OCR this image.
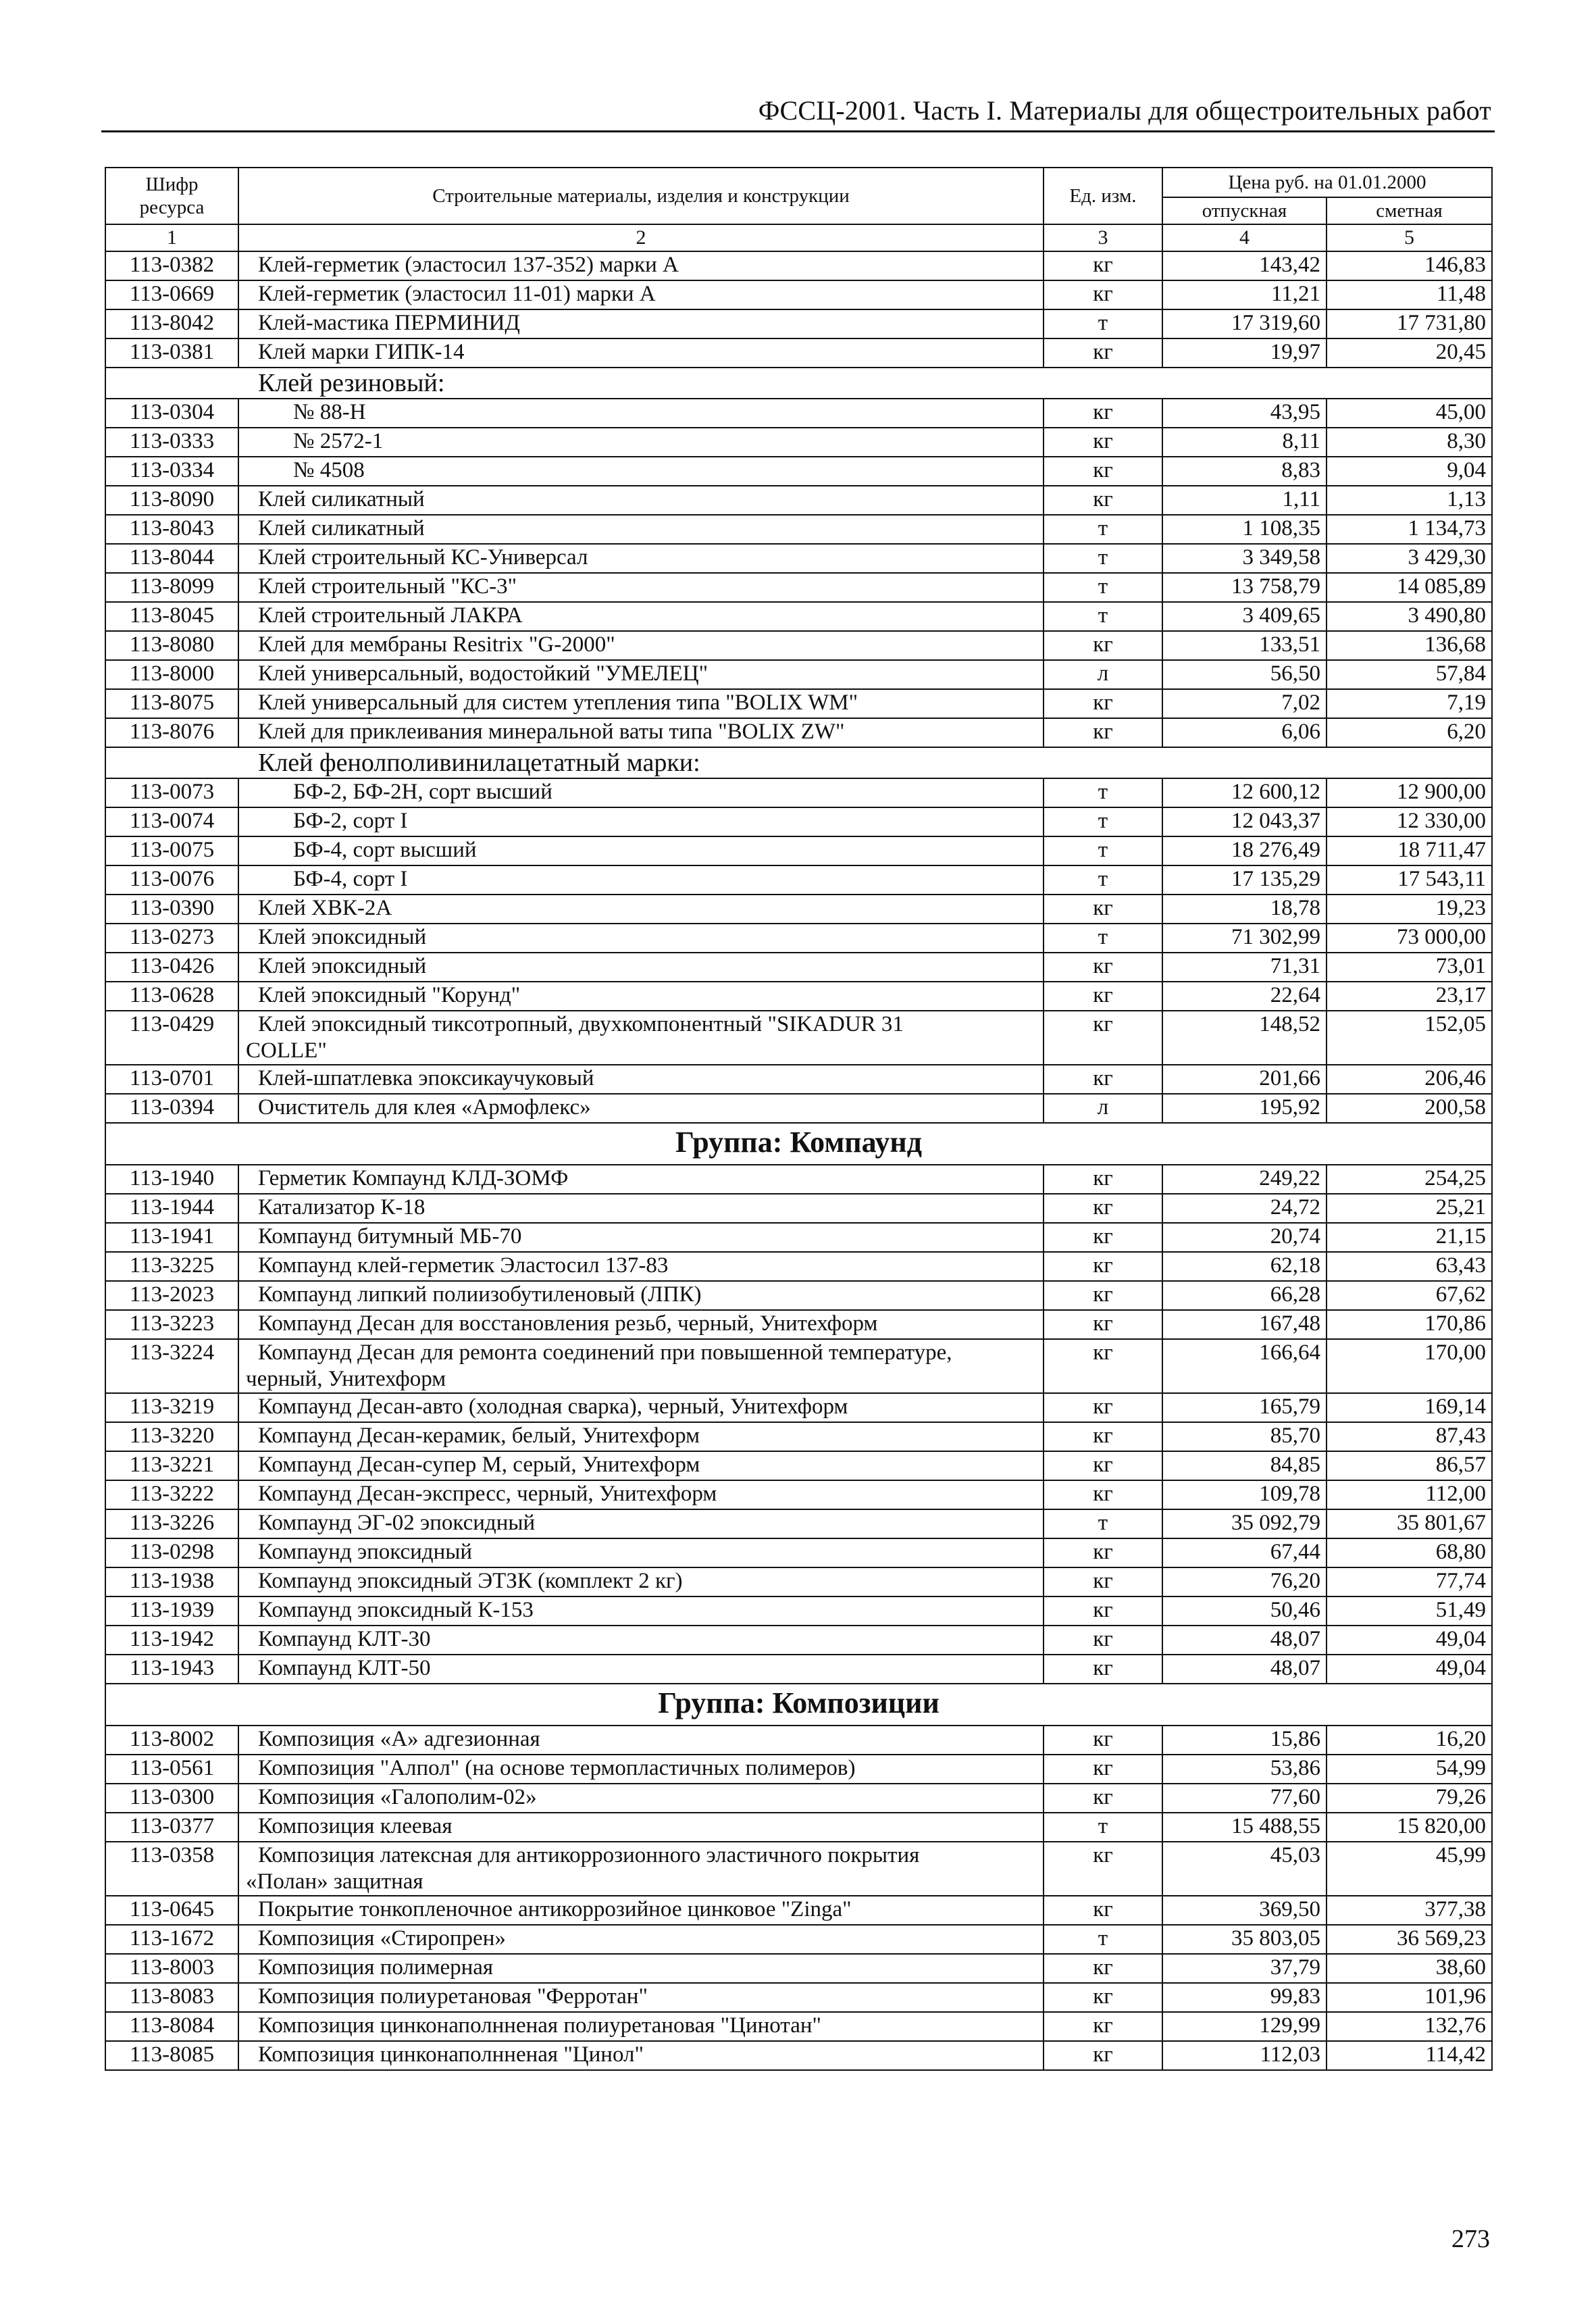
ФССЦ-2001. Часть I. Материалы для общестроительных работ
Шифр ресурса	Строительные материалы, изделия и конструкции	Ед. изм.	Цена руб. на 01.01.2000	
			отпускная	сметная
1	2	3	4	5
113-0382	Клей-герметик (эластосил 137-352) марки А	кг	143,42	146,83
113-0669	Клей-герметик (эластосил 11-01) марки А	кг	11,21	11,48
113-8042	Клей-мастика ПЕРМИНИД	т	17 319,60	17 731,80
113-0381	Клей марки ГИПК-14	кг	19,97	20,45
Клей резиновый:				
113-0304	№ 88-Н	кг	43,95	45,00
113-0333	№ 2572-1	кг	8,11	8,30
113-0334	№ 4508	кг	8,83	9,04
113-8090	Клей силикатный	кг	1,11	1,13
113-8043	Клей силикатный	т	1 108,35	1 134,73
113-8044	Клей строительный КС-Универсал	т	3 349,58	3 429,30
113-8099	Клей строительный "КС-3"	т	13 758,79	14 085,89
113-8045	Клей строительный ЛАКРА	т	3 409,65	3 490,80
113-8080	Клей для мембраны Resitrix "G-2000"	кг	133,51	136,68
113-8000	Клей универсальный, водостойкий "УМЕЛЕЦ"	л	56,50	57,84
113-8075	Клей универсальный для систем утепления типа "BOLIX WM"	кг	7,02	7,19
113-8076	Клей для приклеивания минеральной ваты типа "BOLIX ZW"	кг	6,06	6,20
Клей фенолполивинилацетатный марки:				
113-0073	БФ-2, БФ-2Н, сорт высший	т	12 600,12	12 900,00
113-0074	БФ-2, сорт I	т	12 043,37	12 330,00
113-0075	БФ-4, сорт высший	т	18 276,49	18 711,47
113-0076	БФ-4, сорт I	т	17 135,29	17 543,11
113-0390	Клей ХВК-2А	кг	18,78	19,23
113-0273	Клей эпоксидный	т	71 302,99	73 000,00
113-0426	Клей эпоксидный	кг	71,31	73,01
113-0628	Клей эпоксидный "Корунд"	кг	22,64	23,17
113-0429	Клей эпоксидный тиксотропный, двухкомпонентный "SIKADUR 31
COLLE"	кг	148,52	152,05
113-0701	Клей-шпатлевка эпоксикаучуковый	кг	201,66	206,46
113-0394	Очиститель для клея «Армофлекс»	л	195,92	200,58
Группа: Компаунд				
113-1940	Герметик Компаунд КЛД-ЗОМФ	кг	249,22	254,25
113-1944	Катализатор К-18	кг	24,72	25,21
113-1941	Компаунд битумный МБ-70	кг	20,74	21,15
113-3225	Компаунд клей-герметик Эластосил 137-83	кг	62,18	63,43
113-2023	Компаунд липкий полиизобутиленовый (ЛПК)	кг	66,28	67,62
113-3223	Компаунд Десан для восстановления резьб, черный, Унитехформ	кг	167,48	170,86
113-3224	Компаунд Десан для ремонта соединений при повышенной температуре,
черный, Унитехформ	кг	166,64	170,00
113-3219	Компаунд Десан-авто (холодная сварка), черный, Унитехформ	кг	165,79	169,14
113-3220	Компаунд Десан-керамик, белый, Унитехформ	кг	85,70	87,43
113-3221	Компаунд Десан-супер М, серый, Унитехформ	кг	84,85	86,57
113-3222	Компаунд Десан-экспресс, черный, Унитехформ	кг	109,78	112,00
113-3226	Компаунд ЭГ-02 эпоксидный	т	35 092,79	35 801,67
113-0298	Компаунд эпоксидный	кг	67,44	68,80
113-1938	Компаунд эпоксидный ЭТЗК (комплект 2 кг)	кг	76,20	77,74
113-1939	Компаунд эпоксидный К-153	кг	50,46	51,49
113-1942	Компаунд КЛТ-30	кг	48,07	49,04
113-1943	Компаунд КЛТ-50	кг	48,07	49,04
Группа: Композиции				
113-8002	Композиция «А» адгезионная	кг	15,86	16,20
113-0561	Композиция "Алпол" (на основе термопластичных полимеров)	кг	53,86	54,99
113-0300	Композиция «Галополим-02»	кг	77,60	79,26
113-0377	Композиция клеевая	т	15 488,55	15 820,00
113-0358	Композиция латексная для антикоррозионного эластичного покрытия
«Полан» защитная	кг	45,03	45,99
113-0645	Покрытие тонкопленочное антикоррозийное цинковое "Zinga"	кг	369,50	377,38
113-1672	Композиция «Стиропрен»	т	35 803,05	36 569,23
113-8003	Композиция полимерная	кг	37,79	38,60
113-8083	Композиция полиуретановая "Ферротан"	кг	99,83	101,96
113-8084	Композиция цинконаполнненая полиуретановая "Цинотан"	кг	129,99	132,76
113-8085	Композиция цинконаполнненая "Цинол"	кг	112,03	114,42
273
